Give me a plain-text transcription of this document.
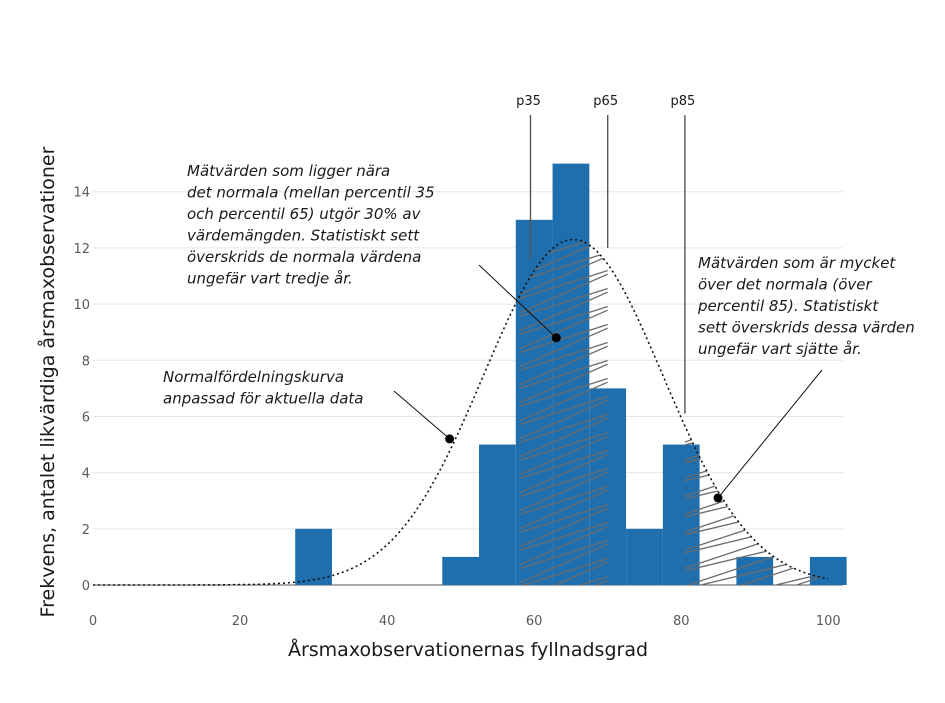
p35	p65	p85
0	20	40	60	80	100
0
2
4
6
8
10
12
14
Mätvärden som ligger nära det normala (mellan percentil 35 och percentil 65) utgör 30% av värdemängden. Statistiskt sett överskrids de normala värdena ungefär vart tredje år.
Normalfördelningskurva anpassad för aktuella data
Mätvärden som är mycket över det normala (över percentil 85). Statistiskt sett överskrids dessa värden ungefär vart sjätte år.
Årsmaxobservationernas fyllnadsgrad
Frekvens, antalet likvärdiga årsmaxobservationer
